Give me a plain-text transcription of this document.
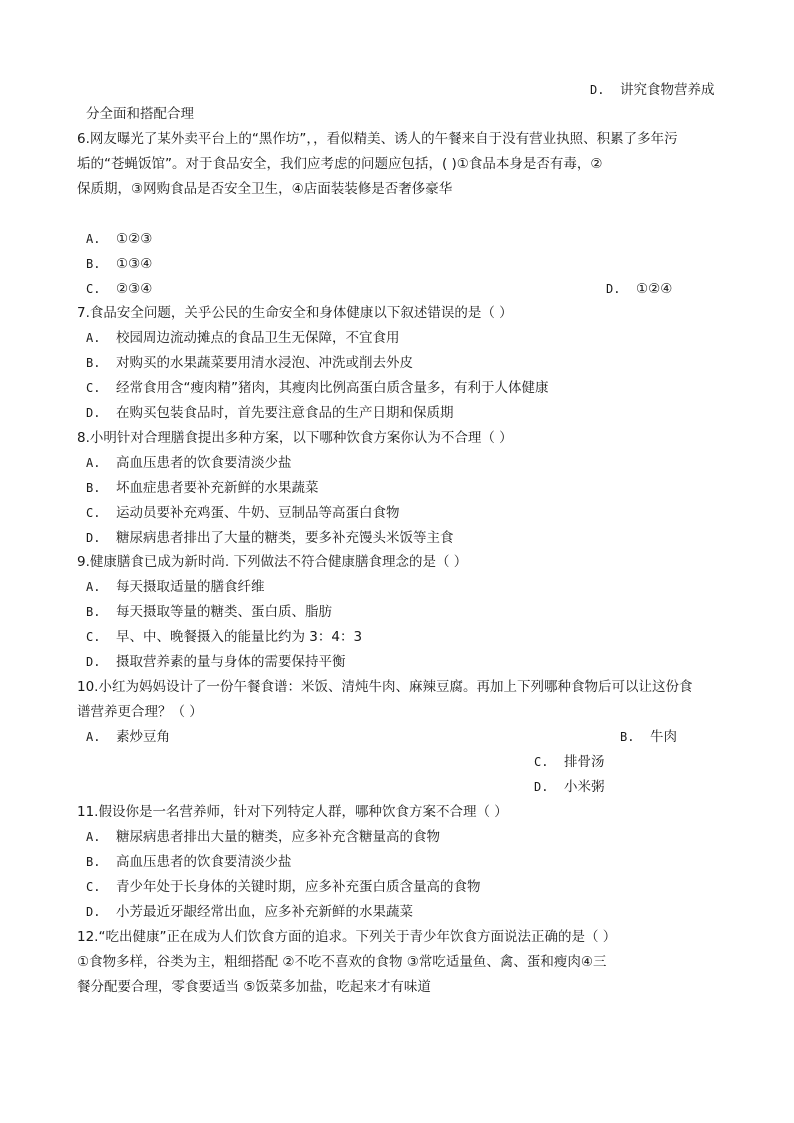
D. 讲究食物营养成
分全面和搭配合理
6.网友曝光了某外卖平台上的“黑作坊”，，看似精美、诱人的午餐来自于没有营业执照、积累了多年污
垢的“苍蝇饭馆”。对于食品安全，我们应考虑的问题应包括，( )①食品本身是否有毒，②
保质期，③网购食品是否安全卫生，④店面装装修是否奢侈豪华
A. ①②③
B. ①③④
C. ②③④	D. ①②④
7.食品安全问题，关乎公民的生命安全和身体健康以下叙述错误的是（ ）
A. 校园周边流动摊点的食品卫生无保障，不宜食用
B. 对购买的水果蔬菜要用清水浸泡、冲洗或削去外皮
C. 经常食用含“瘦肉精”猪肉，其瘦肉比例高蛋白质含量多，有利于人体健康
D. 在购买包装食品时，首先要注意食品的生产日期和保质期
8.小明针对合理膳食提出多种方案，以下哪种饮食方案你认为不合理（ ）
A. 高血压患者的饮食要清淡少盐
B. 坏血症患者要补充新鲜的水果蔬菜
C. 运动员要补充鸡蛋、牛奶、豆制品等高蛋白食物
D. 糖尿病患者排出了大量的糖类，要多补充馒头米饭等主食
9.健康膳食已成为新时尚. 下列做法不符合健康膳食理念的是（ ）
A. 每天摄取适量的膳食纤维
B. 每天摄取等量的糖类、蛋白质、脂肪
C. 早、中、晚餐摄入的能量比约为 3：4：3
D. 摄取营养素的量与身体的需要保持平衡
10.小红为妈妈设计了一份午餐食谱：米饭、清炖牛肉、麻辣豆腐。再加上下列哪种食物后可以让这份食
谱营养更合理？（ ）
A. 素炒豆角	B. 牛肉
C. 排骨汤
D. 小米粥
11.假设你是一名营养师，针对下列特定人群，哪种饮食方案不合理（ ）
A. 糖尿病患者排出大量的糖类，应多补充含糖量高的食物
B. 高血压患者的饮食要清淡少盐
C. 青少年处于长身体的关键时期，应多补充蛋白质含量高的食物
D. 小芳最近牙龈经常出血，应多补充新鲜的水果蔬菜
12.“吃出健康”正在成为人们饮食方面的追求。下列关于青少年饮食方面说法正确的是（ ）
①食物多样，谷类为主，粗细搭配 ②不吃不喜欢的食物 ③常吃适量鱼、禽、蛋和瘦肉④三
餐分配要合理，零食要适当 ⑤饭菜多加盐，吃起来才有味道
